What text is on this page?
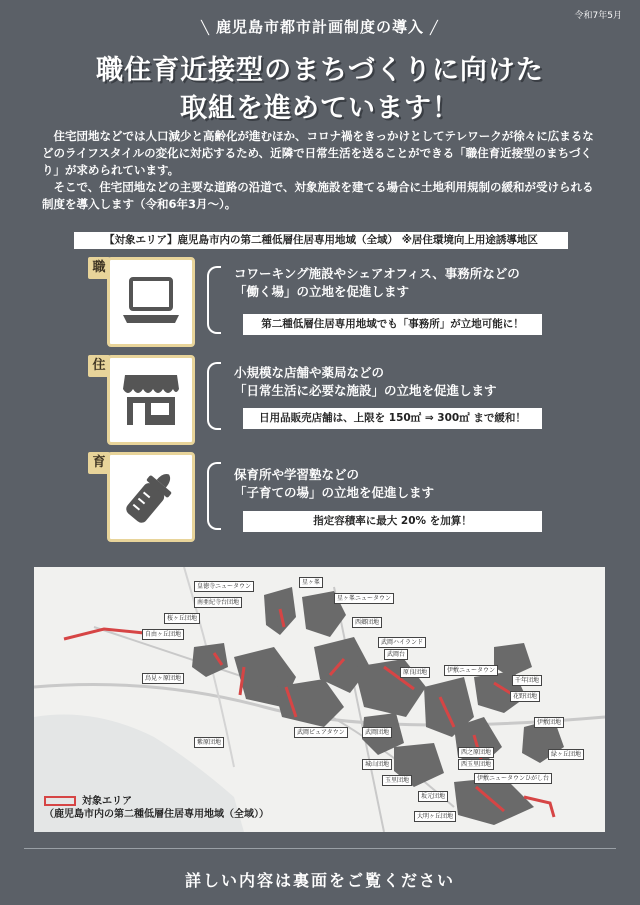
令和7年5月
╲ 鹿児島市都市計画制度の導入 ╱
職住育近接型のまちづくりに向けた
取組を進めています！

住宅団地などでは人口減少と高齢化が進むほか、コロナ禍をきっかけとしてテレワークが徐々に広まるなどのライフスタイルの変化に対応するため、近隣で日常生活を送ることができる「職住育近接型のまちづくり」が求められています。

そこで、住宅団地などの主要な道路の沿道で、対象施設を建てる場合に土地利用規制の緩和が受けられる制度を導入します（令和6年3月～）。

【対象エリア】鹿児島市内の第二種低層住居専用地域（全域） ※居住環境向上用途誘導地区
職	コワーキング施設やシェアオフィス、事務所などの
「働く場」の立地を促進します
第二種低層住居専用地域でも「事務所」が立地可能に！
住	小規模な店舗や薬局などの
「日常生活に必要な施設」の立地を促進します
日用品販売店舗は、上限を 150㎡ ⇒ 300㎡ まで緩和！
育
保育所や学習塾などの
「子育ての場」の立地を促進します
指定容積率に最大 20% を加算！
皇徳寺ニュータウン
星ヶ峯
南亜紀寺台団地
星ヶ峯ニュータウン
桜ヶ丘団地
自由ヶ丘団地
西郷団地
武岡ハイランド
武岡台
原良団地	伊敷ニュータウン
千年団地
花野団地
伊敷団地
鳥見ヶ原団地
武岡ピュアタウン	武岡団地
紫原団地
城山団地
玉里団地
西之原団地
西玉里団地
坂元団地
伊敷ニュータウンひがし台
大明ヶ丘団地
緑ヶ丘団地
対象エリア
（鹿児島市内の第二種低層住居専用地域（全域））
詳しい内容は裏面をご覧ください
